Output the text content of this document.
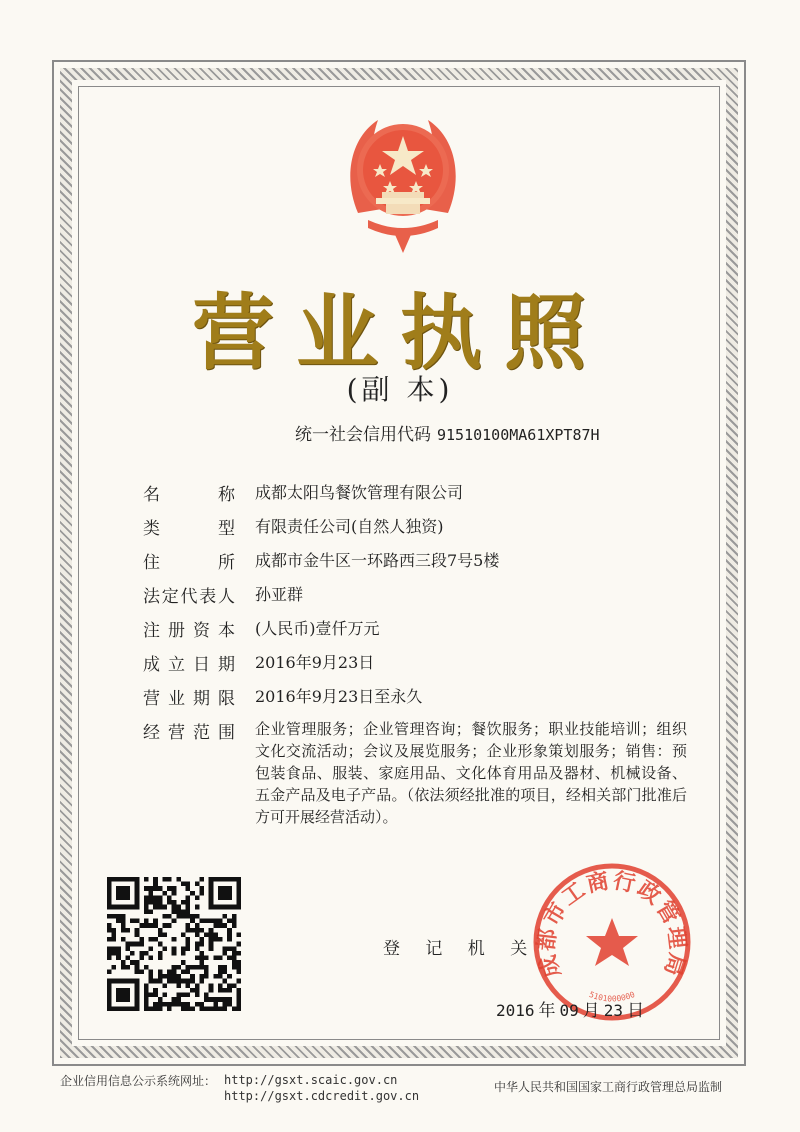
营业执照
(副 本)
统一社会信用代码 91510100MA61XPT87H
名	称 成都太阳鸟餐饮管理有限公司
类	型 有限责任公司(自然人独资)
住	所 成都市金牛区一环路西三段7号5楼
法 定 代 表 人 孙亚群
注 册 资 本 (人民币)壹仟万元
成 立 日 期 2016年9月23日
营 业 期 限 2016年9月23日至永久
经 营 范 围 企业管理服务；企业管理咨询；餐饮服务；职业技能培训；组织文化交流活动；会议及展览服务；企业形象策划服务；销售：预包装食品、服装、家庭用品、文化体育用品及器材、机械设备、五金产品及电子产品。（依法须经批准的项目，经相关部门批准后方可开展经营活动）。
登 记 机 关
成都市工商行政管理局
5101000000
2016 年 09 月 23 日
企业信用信息公示系统网址： http://gsxt.scaic.gov.cn
http://gsxt.cdcredit.gov.cn
中华人民共和国国家工商行政管理总局监制
